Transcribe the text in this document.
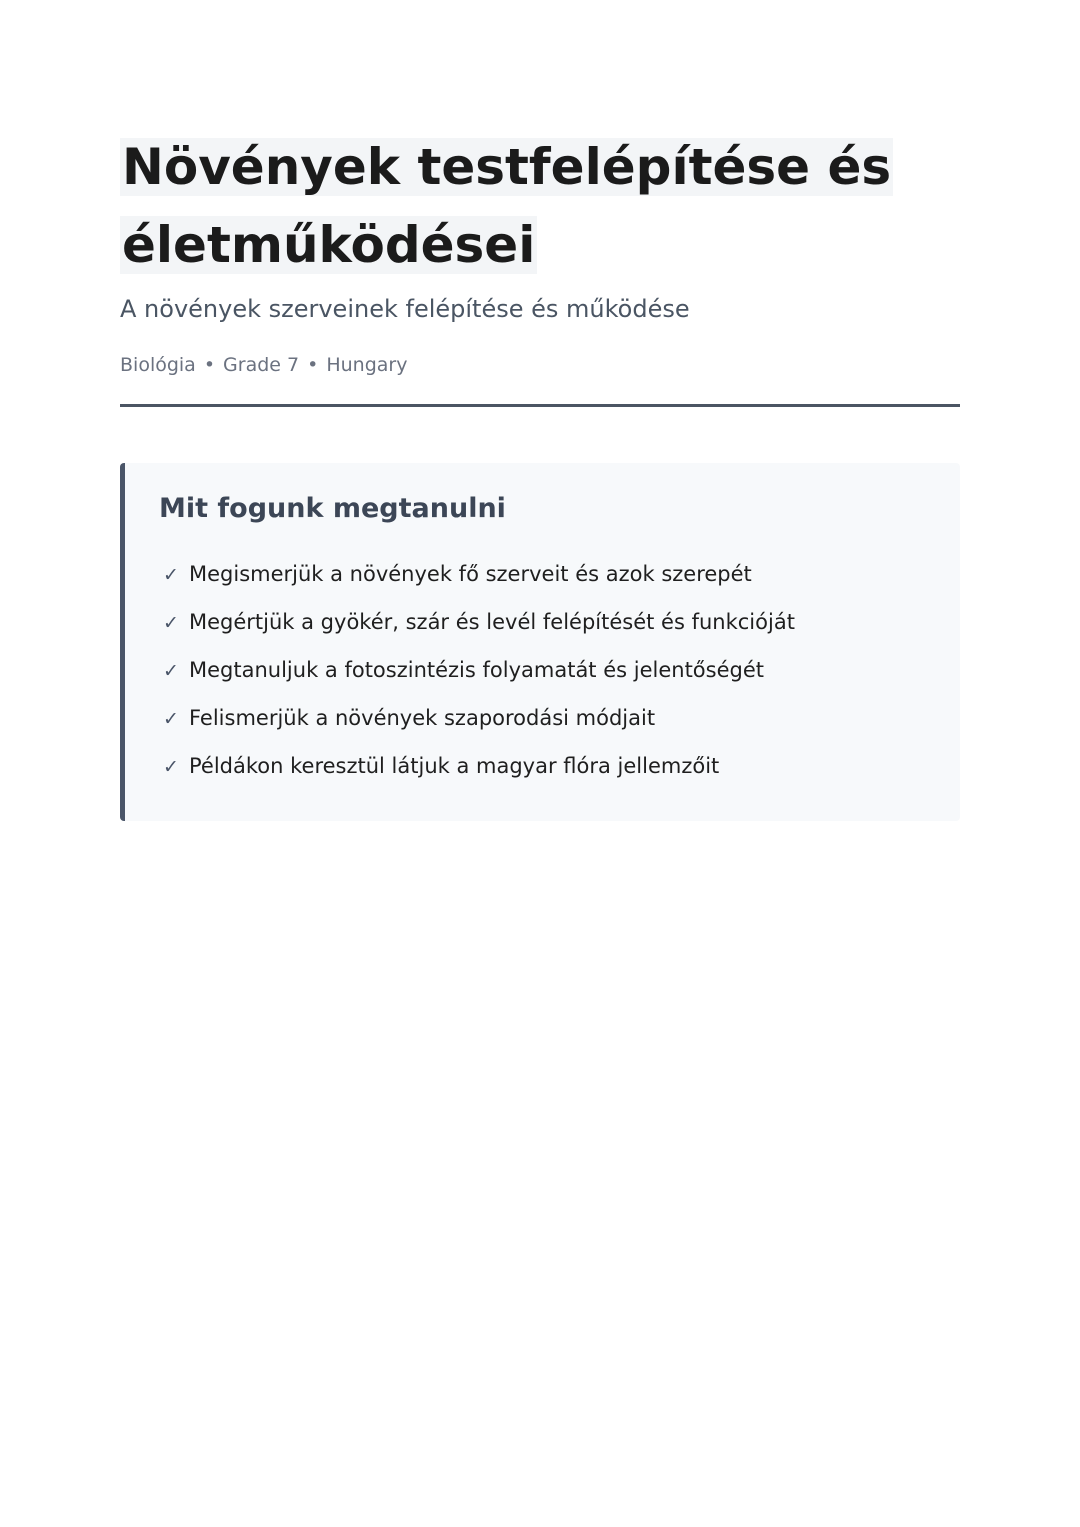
Növények testfelépítése és
életműködései

A növények szerveinek felépítése és működése

Biológia • Grade 7 • Hungary
Mit fogunk megtanulni
✓ Megismerjük a növények fő szerveit és azok szerepét
✓ Megértjük a gyökér, szár és levél felépítését és funkcióját
✓ Megtanuljuk a fotoszintézis folyamatát és jelentőségét
✓ Felismerjük a növények szaporodási módjait
✓ Példákon keresztül látjuk a magyar flóra jellemzőit
